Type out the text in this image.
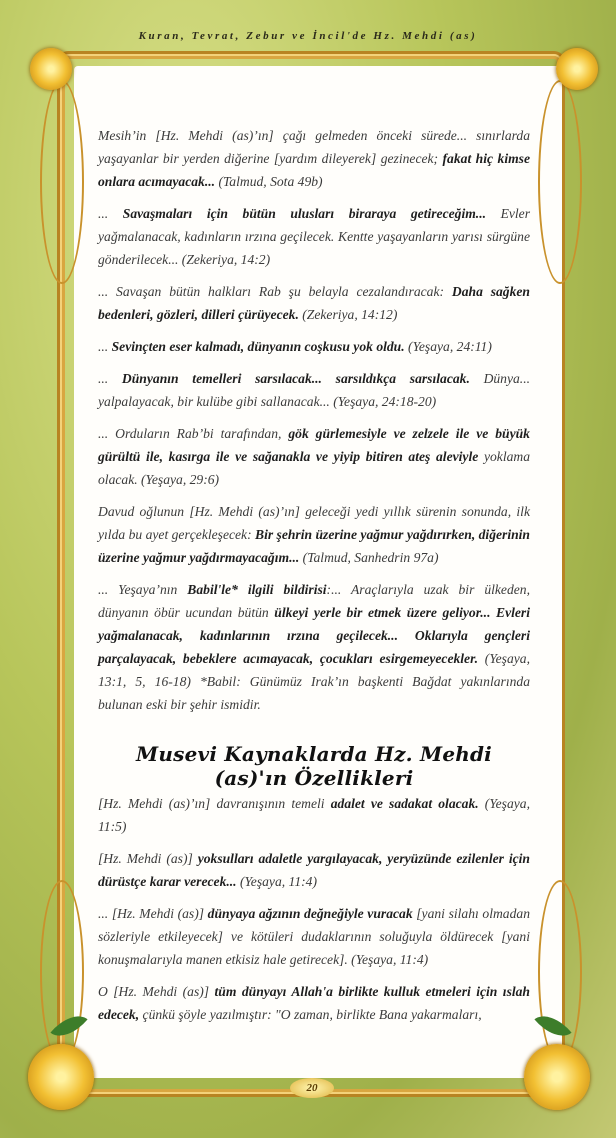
Kuran, Tevrat, Zebur ve İncil'de Hz. Mehdi (as)

Mesih’in [Hz. Mehdi (as)’ın] çağı gelmeden önceki sürede... sınırlarda yaşayanlar bir yerden diğerine [yardım dileyerek] gezinecek; fakat hiç kimse onlara acımayacak... (Talmud, Sota 49b)

... Savaşmaları için bütün ulusları biraraya getireceğim... Evler yağmalanacak, kadınların ırzına geçilecek. Kentte yaşayanların yarısı sürgüne gönderilecek... (Zekeriya, 14:2)

... Savaşan bütün halkları Rab şu belayla cezalandıracak: Daha sağken bedenleri, gözleri, dilleri çürüyecek. (Zekeriya, 14:12)

... Sevinçten eser kalmadı, dünyanın coşkusu yok oldu. (Yeşaya, 24:11)

... Dünyanın temelleri sarsılacak... sarsıldıkça sarsılacak. Dünya... yalpalayacak, bir kulübe gibi sallanacak... (Yeşaya, 24:18-20)

... Orduların Rab’bi tarafından, gök gürlemesiyle ve zelzele ile ve büyük gürültü ile, kasırga ile ve sağanakla ve yiyip bitiren ateş aleviyle yoklama olacak. (Yeşaya, 29:6)

Davud oğlunun [Hz. Mehdi (as)’ın] geleceği yedi yıllık sürenin sonunda, ilk yılda bu ayet gerçekleşecek: Bir şehrin üzerine yağmur yağdırırken, diğerinin üzerine yağmur yağdırmayacağım... (Talmud, Sanhedrin 97a)

... Yeşaya’nın Babil'le* ilgili bildirisi:... Araçlarıyla uzak bir ülkeden, dünyanın öbür ucundan bütün ülkeyi yerle bir etmek üzere geliyor... Evleri yağmalanacak, kadınlarının ırzına geçilecek... Oklarıyla gençleri parçalayacak, bebeklere acımayacak, çocukları esirgemeyecekler. (Yeşaya, 13:1, 5, 16-18) *Babil: Günümüz Irak’ın başkenti Bağdat yakınlarında bulunan eski bir şehir ismidir.

Musevi Kaynaklarda Hz. Mehdi (as)'ın Özellikleri

[Hz. Mehdi (as)’ın] davranışının temeli adalet ve sadakat olacak. (Yeşaya, 11:5)

[Hz. Mehdi (as)] yoksulları adaletle yargılayacak, yeryüzünde ezilenler için dürüstçe karar verecek... (Yeşaya, 11:4)

... [Hz. Mehdi (as)] dünyaya ağzının değneğiyle vuracak [yani silahı olmadan sözleriyle etkileyecek] ve kötüleri dudaklarının soluğuyla öldürecek [yani konuşmalarıyla manen etkisiz hale getirecek]. (Yeşaya, 11:4)

O [Hz. Mehdi (as)] tüm dünyayı Allah'a birlikte kulluk etmeleri için ıslah edecek, çünkü şöyle yazılmıştır: "O zaman, birlikte Bana yakarmaları,

20
